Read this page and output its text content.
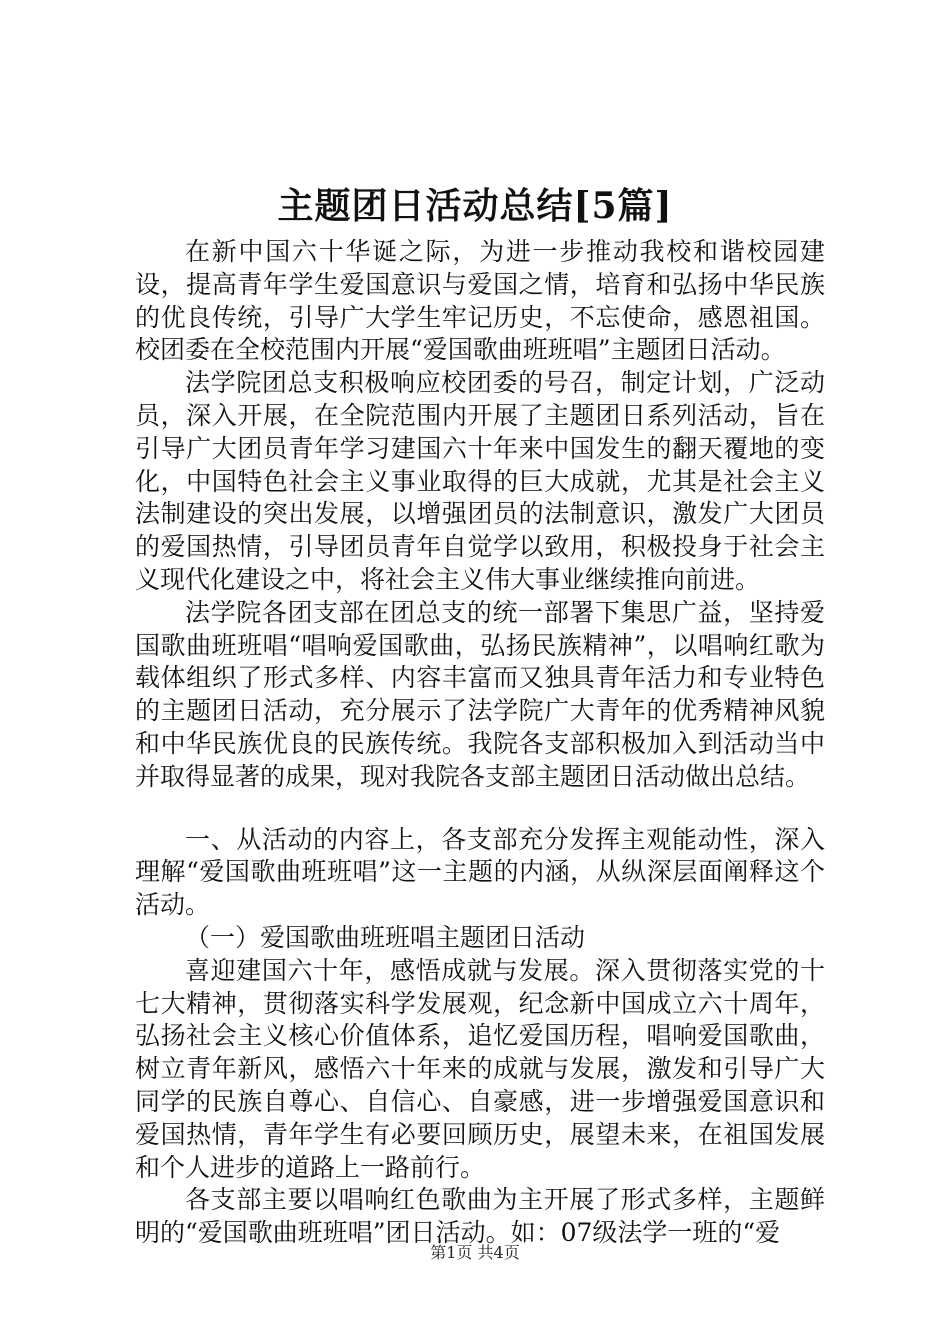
主题团日活动总结[5篇]

在新中国六十华诞之际，为进一步推动我校和谐校园建设，提高青年学生爱国意识与爱国之情，培育和弘扬中华民族的优良传统，引导广大学生牢记历史，不忘使命，感恩祖国。校团委在全校范围内开展“爱国歌曲班班唱”主题团日活动。

法学院团总支积极响应校团委的号召，制定计划，广泛动员，深入开展，在全院范围内开展了主题团日系列活动，旨在引导广大团员青年学习建国六十年来中国发生的翻天覆地的变化，中国特色社会主义事业取得的巨大成就，尤其是社会主义法制建设的突出发展，以增强团员的法制意识，激发广大团员的爱国热情，引导团员青年自觉学以致用，积极投身于社会主义现代化建设之中，将社会主义伟大事业继续推向前进。

法学院各团支部在团总支的统一部署下集思广益，坚持爱国歌曲班班唱“唱响爱国歌曲，弘扬民族精神”，以唱响红歌为载体组织了形式多样、内容丰富而又独具青年活力和专业特色的主题团日活动，充分展示了法学院广大青年的优秀精神风貌和中华民族优良的民族传统。我院各支部积极加入到活动当中并取得显著的成果，现对我院各支部主题团日活动做出总结。

一、从活动的内容上，各支部充分发挥主观能动性，深入理解“爱国歌曲班班唱”这一主题的内涵，从纵深层面阐释这个活动。

（一）爱国歌曲班班唱主题团日活动

喜迎建国六十年，感悟成就与发展。深入贯彻落实党的十七大精神，贯彻落实科学发展观，纪念新中国成立六十周年，弘扬社会主义核心价值体系，追忆爱国历程，唱响爱国歌曲，树立青年新风，感悟六十年来的成就与发展，激发和引导广大同学的民族自尊心、自信心、自豪感，进一步增强爱国意识和爱国热情，青年学生有必要回顾历史，展望未来，在祖国发展和个人进步的道路上一路前行。

各支部主要以唱响红色歌曲为主开展了形式多样，主题鲜明的“爱国歌曲班班唱”团日活动。如：07级法学一班的“爱

第1页 共4页
